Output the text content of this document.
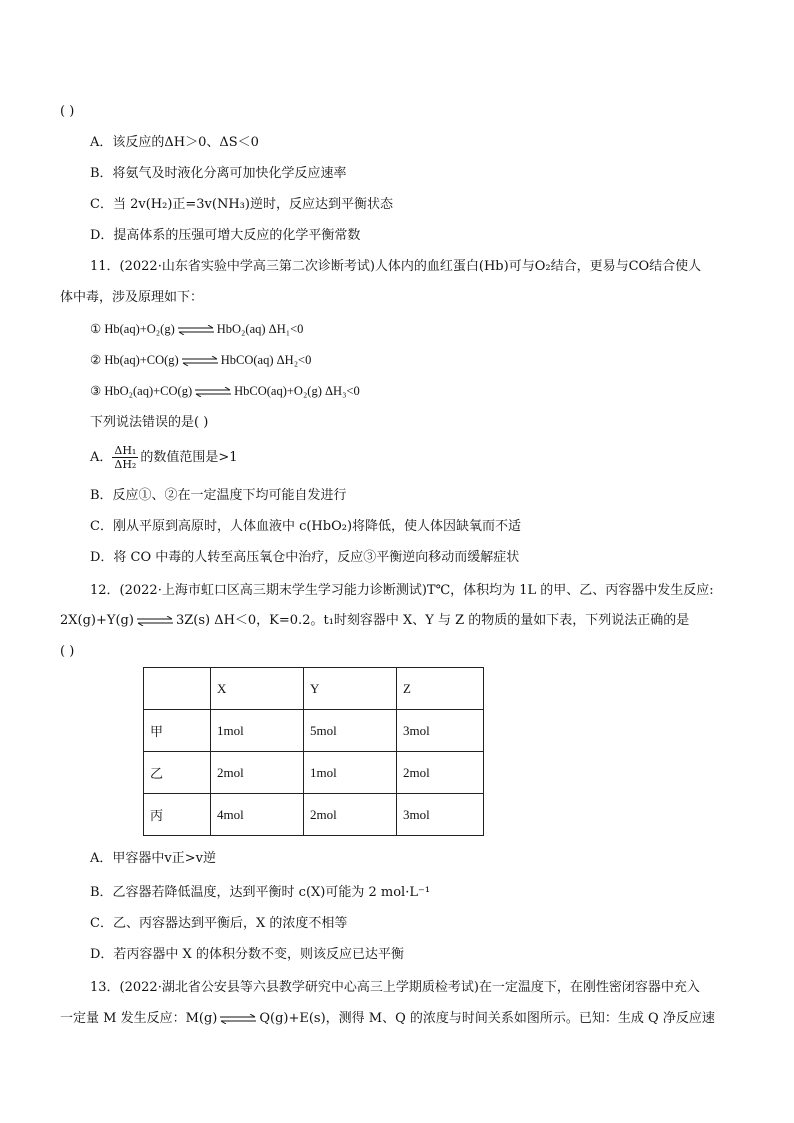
( )
A．该反应的ΔH＞0、ΔS＜0
B．将氨气及时液化分离可加快化学反应速率
C．当 2v(H₂)正=3v(NH₃)逆时，反应达到平衡状态
D．提高体系的压强可增大反应的化学平衡常数
11．(2022·山东省实验中学高三第二次诊断考试)人体内的血红蛋白(Hb)可与O₂结合，更易与CO结合使人
体中毒，涉及原理如下：
① Hb(aq)+O₂(g) ⇌ HbO₂(aq) ΔH₁<0
② Hb(aq)+CO(g) ⇌ HbCO(aq) ΔH₂<0
③ HbO₂(aq)+CO(g) ⇌ HbCO(aq)+O₂(g) ΔH₃<0
下列说法错误的是( )
A． $\frac{\text{ΔH₁}}{\text{ΔH₂}}$ 的数值范围是>1
B．反应①、②在一定温度下均可能自发进行
C．刚从平原到高原时，人体血液中 c(HbO₂)将降低，使人体因缺氧而不适
D．将 CO 中毒的人转至高压氧仓中治疗，反应③平衡逆向移动而缓解症状
12．(2022·上海市虹口区高三期末学生学习能力诊断测试)T℃，体积均为 1L 的甲、乙、丙容器中发生反应:
2X(g)+Y(g) ⇌ 3Z(s) ΔH＜0，K=0.2。t₁时刻容器中 X、Y 与 Z 的物质的量如下表，下列说法正确的是
( )
	X	Y	Z
甲	1mol	5mol	3mol
乙	2mol	1mol	2mol
丙	4mol	2mol	3mol
A．甲容器中v正>v逆
B．乙容器若降低温度，达到平衡时 c(X)可能为 2 mol·L⁻¹
C．乙、丙容器达到平衡后，X 的浓度不相等
D．若丙容器中 X 的体积分数不变，则该反应已达平衡
13．(2022·湖北省公安县等六县教学研究中心高三上学期质检考试)在一定温度下，在刚性密闭容器中充入
一定量 M 发生反应：M(g) ⇌ Q(g)+E(s)，测得 M、Q 的浓度与时间关系如图所示。已知：生成 Q 净反应速
